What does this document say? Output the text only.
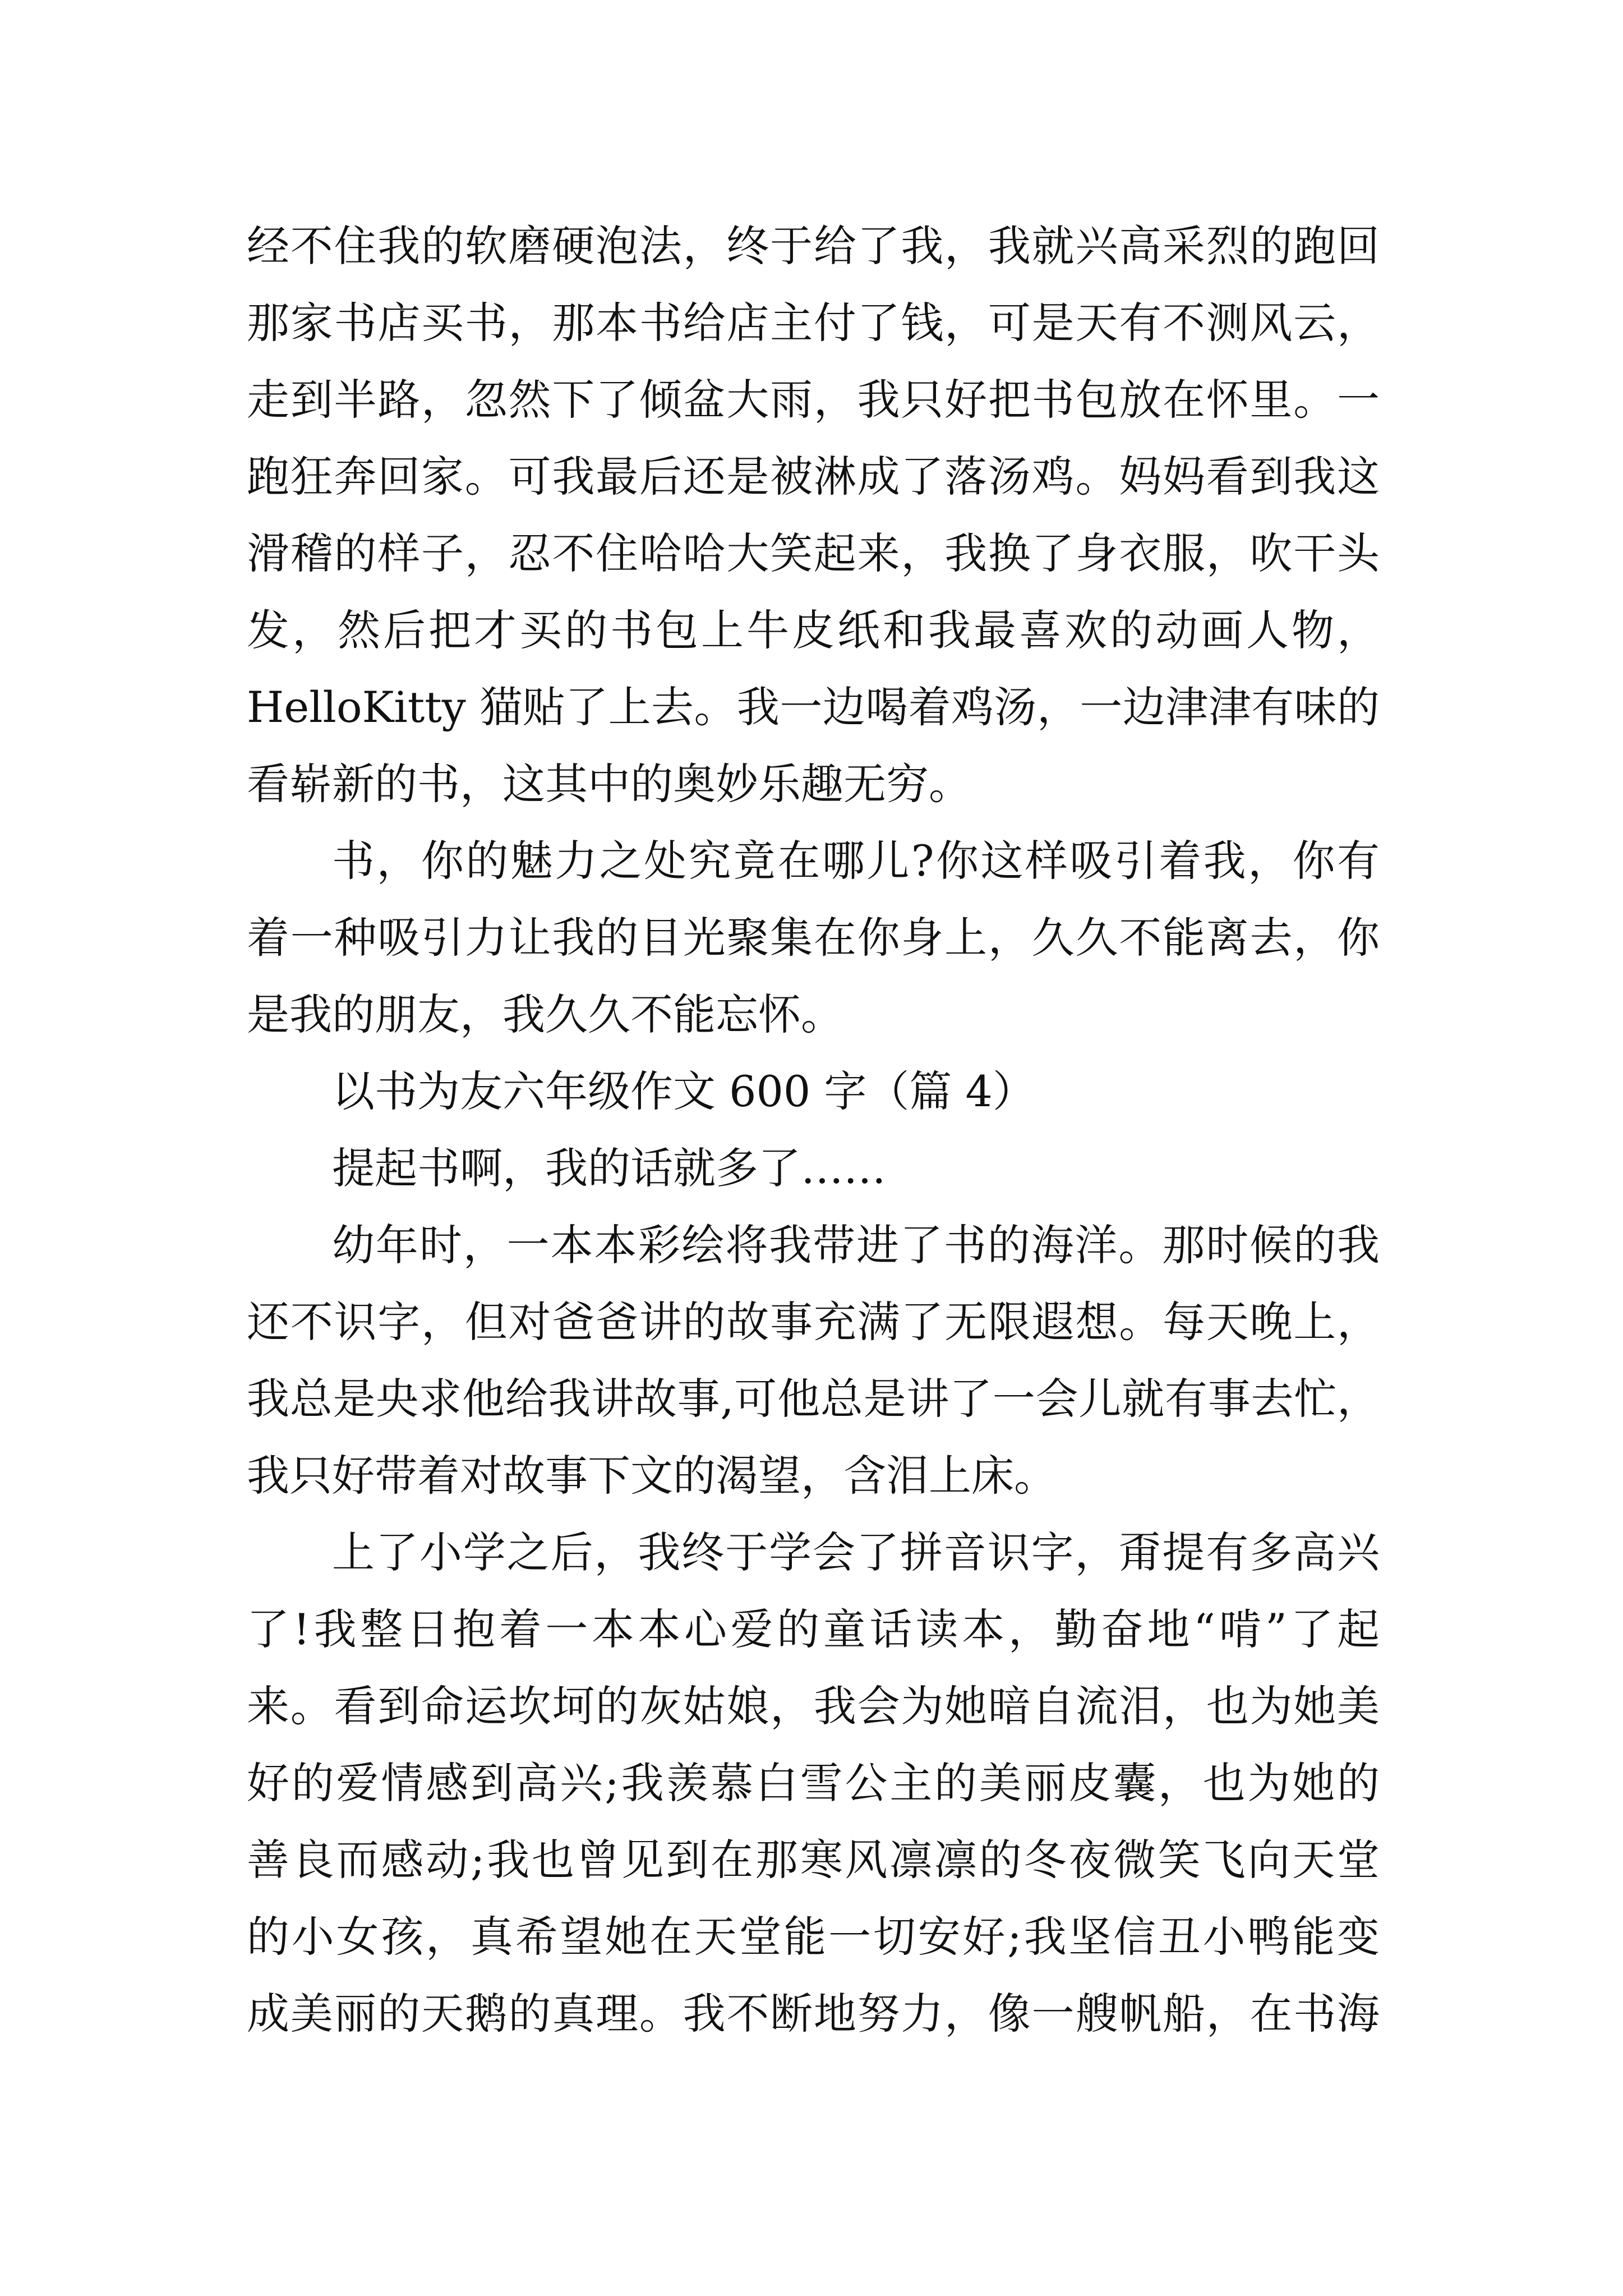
经不住我的软磨硬泡法，终于给了我，我就兴高采烈的跑回
那家书店买书，那本书给店主付了钱，可是天有不测风云，
走到半路，忽然下了倾盆大雨，我只好把书包放在怀里。一
跑狂奔回家。可我最后还是被淋成了落汤鸡。妈妈看到我这
滑稽的样子，忍不住哈哈大笑起来，我换了身衣服，吹干头
发，然后把才买的书包上牛皮纸和我最喜欢的动画人物，
HelloKitty 猫贴了上去。我一边喝着鸡汤，一边津津有味的
看崭新的书，这其中的奥妙乐趣无穷。
书，你的魅力之处究竟在哪儿?你这样吸引着我，你有
着一种吸引力让我的目光聚集在你身上，久久不能离去，你
是我的朋友，我久久不能忘怀。
以书为友六年级作文 600 字（篇 4）
提起书啊，我的话就多了……
幼年时，一本本彩绘将我带进了书的海洋。那时候的我
还不识字，但对爸爸讲的故事充满了无限遐想。每天晚上，
我总是央求他给我讲故事,可他总是讲了一会儿就有事去忙，
我只好带着对故事下文的渴望，含泪上床。
上了小学之后，我终于学会了拼音识字，甭提有多高兴
了!我整日抱着一本本心爱的童话读本，勤奋地“啃”了起
来。看到命运坎坷的灰姑娘，我会为她暗自流泪，也为她美
好的爱情感到高兴;我羡慕白雪公主的美丽皮囊，也为她的
善良而感动;我也曾见到在那寒风凛凛的冬夜微笑飞向天堂
的小女孩，真希望她在天堂能一切安好;我坚信丑小鸭能变
成美丽的天鹅的真理。我不断地努力，像一艘帆船，在书海
